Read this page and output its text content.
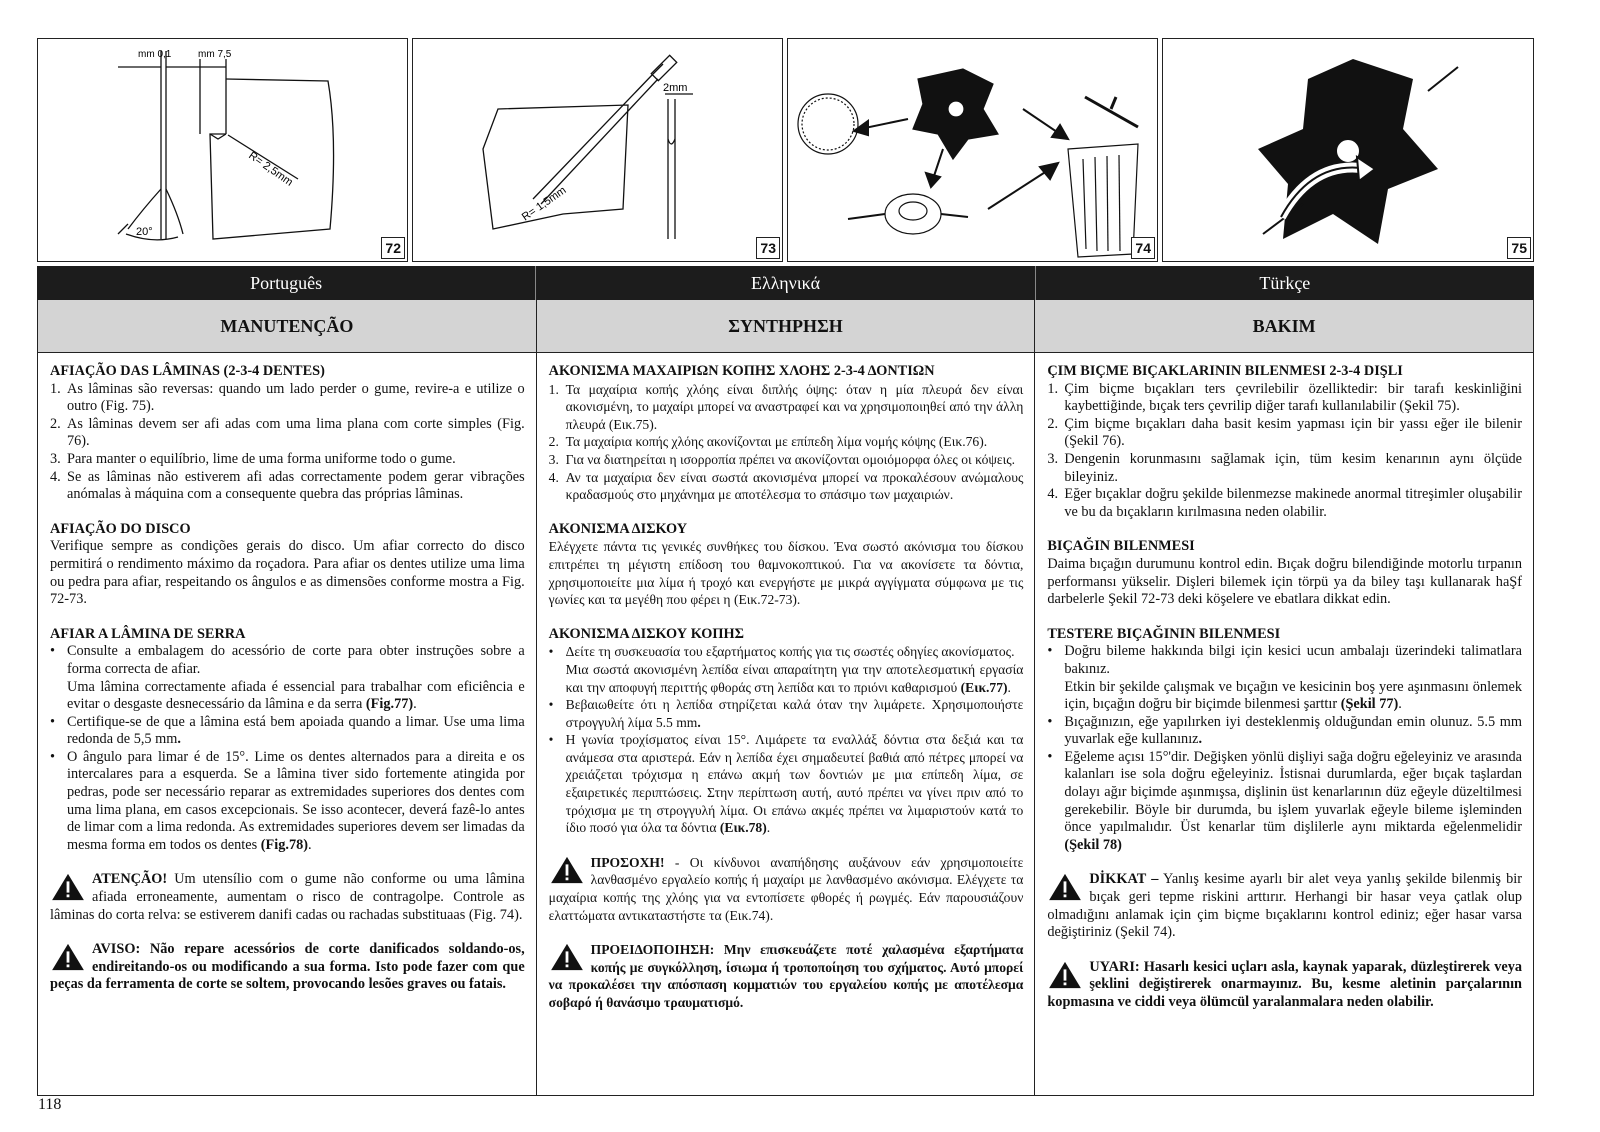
mm 0,1	mm 7,5
R= 2,5mm
20°
72
2mm
R= 1,5mm
73	74	75
Português	Ελληνικά	Türkçe
MANUTENÇÃO	ΣΥΝΤΗΡΗΣΗ	BAKIM
AFIAÇÃO DAS LÂMINAS (2-3-4 DENTES)
1. As lâminas são reversas: quando um lado perder o gume, revire-a e utilize o outro (Fig. 75).
2. As lâminas devem ser afi adas com uma lima plana com corte simples (Fig. 76).
3. Para manter o equilíbrio, lime de uma forma uniforme todo o gume.
4. Se as lâminas não estiverem afi adas correctamente podem gerar vibrações anómalas à máquina com a consequente quebra das próprias lâminas.
AFIAÇÃO DO DISCO

Verifique sempre as condições gerais do disco. Um afiar correcto do disco permitirá o rendimento máximo da roçadora. Para afiar os dentes utilize uma lima ou pedra para afiar, respeitando os ângulos e as dimensões conforme mostra a Fig. 72-73.

AFIAR A LÂMINA DE SERRA
• Consulte a embalagem do acessório de corte para obter instruções sobre a forma correcta de afiar.
Uma lâmina correctamente afiada é essencial para trabalhar com eficiência e evitar o desgaste desnecessário da lâmina e da serra (Fig.77).
• Certifique-se de que a lâmina está bem apoiada quando a limar. Use uma lima redonda de 5,5 mm.
• O ângulo para limar é de 15°. Lime os dentes alternados para a direita e os intercalares para a esquerda. Se a lâmina tiver sido fortemente atingida por pedras, pode ser necessário reparar as extremidades superiores dos dentes com uma lima plana, em casos excepcionais. Se isso acontecer, deverá fazê-lo antes de limar com a lima redonda. As extremidades superiores devem ser limadas da mesma forma em todos os dentes (Fig.78).
ATENÇÃO! Um utensílio com o gume não conforme ou uma lâmina afiada erroneamente, aumentam o risco de contragolpe. Controle as lâminas do corta relva: se estiverem danifi cadas ou rachadas substituaas (Fig. 74).
AVISO: Não repare acessórios de corte danificados soldando-os, endireitando-os ou modificando a sua forma. Isto pode fazer com que peças da ferramenta de corte se soltem, provocando lesões graves ou fatais.
ΑΚΟΝΙΣΜΑ ΜΑΧΑΙΡΙΩΝ ΚΟΠΗΣ ΧΛΟΗΣ 2-3-4 ΔΟΝΤΙΩΝ
1. Τα μαχαίρια κοπής χλόης είναι διπλής όψης: όταν η μία πλευρά δεν είναι ακονισμένη, το μαχαίρι μπορεί να αναστραφεί και να χρησιμοποιηθεί από την άλλη πλευρά (Εικ.75).
2. Τα μαχαίρια κοπής χλόης ακονίζονται με επίπεδη λίμα νομής κόψης (Εικ.76).
3. Για να διατηρείται η ισορροπία πρέπει να ακονίζονται ομοιόμορφα όλες οι κόψεις.
4. Αν τα μαχαίρια δεν είναι σωστά ακονισμένα μπορεί να προκαλέσουν ανώμαλους κραδασμούς στο μηχάνημα με αποτέλεσμα το σπάσιμο των μαχαιριών.
ΑΚΟΝΙΣΜΑ ΔΙΣΚΟΥ

Ελέγχετε πάντα τις γενικές συνθήκες του δίσκου. Ένα σωστό ακόνισμα του δίσκου επιτρέπει τη μέγιστη επίδοση του θαμνοκοπτικού. Για να ακονίσετε τα δόντια, χρησιμοποιείτε μια λίμα ή τροχό και ενεργήστε με μικρά αγγίγματα σύμφωνα με τις γωνίες και τα μεγέθη που φέρει η (Εικ.72-73).

ΑΚΟΝΙΣΜΑ ΔΙΣΚΟΥ ΚΟΠΗΣ
• Δείτε τη συσκευασία του εξαρτήματος κοπής για τις σωστές οδηγίες ακονίσματος.
Μια σωστά ακονισμένη λεπίδα είναι απαραίτητη για την αποτελεσματική εργασία και την αποφυγή περιττής φθοράς στη λεπίδα και το πριόνι καθαρισμού (Εικ.77).
• Βεβαιωθείτε ότι η λεπίδα στηρίζεται καλά όταν την λιμάρετε. Χρησιμοποιήστε στρογγυλή λίμα 5.5 mm.
• Η γωνία τροχίσματος είναι 15°. Λιμάρετε τα εναλλάξ δόντια στα δεξιά και τα ανάμεσα στα αριστερά. Εάν η λεπίδα έχει σημαδευτεί βαθιά από πέτρες μπορεί να χρειάζεται τρόχισμα η επάνω ακμή των δοντιών με μια επίπεδη λίμα, σε εξαιρετικές περιπτώσεις. Στην περίπτωση αυτή, αυτό πρέπει να γίνει πριν από το τρόχισμα με τη στρογγυλή λίμα. Οι επάνω ακμές πρέπει να λιμαριστούν κατά το ίδιο ποσό για όλα τα δόντια (Εικ.78).
ΠΡΟΣΟΧΗ! - Οι κίνδυνοι αναπήδησης αυξάνουν εάν χρησιμοποιείτε λανθασμένο εργαλείο κοπής ή μαχαίρι με λανθασμένο ακόνισμα. Ελέγχετε τα μαχαίρια κοπής της χλόης για να εντοπίσετε φθορές ή ρωγμές. Εάν παρουσιάζουν ελαττώματα αντικαταστήστε τα (Εικ.74).
ΠΡΟΕΙΔΟΠΟΙΗΣΗ: Μην επισκευάζετε ποτέ χαλασμένα εξαρτήματα κοπής με συγκόλληση, ίσιωμα ή τροποποίηση του σχήματος. Αυτό μπορεί να προκαλέσει την απόσπαση κομματιών του εργαλείου κοπής με αποτέλεσμα σοβαρό ή θανάσιμο τραυματισμό.
ÇIM BIÇME BIÇAKLARININ BILENMESI 2-3-4 DIŞLI
1. Çim biçme bıçakları ters çevrilebilir özelliktedir: bir tarafı keskinliğini kaybettiğinde, bıçak ters çevrilip diğer tarafı kullanılabilir (Şekil 75).
2. Çim biçme bıçakları daha basit kesim yapması için bir yassı eğer ile bilenir (Şekil 76).
3. Dengenin korunmasını sağlamak için, tüm kesim kenarının aynı ölçüde bileyiniz.
4. Eğer bıçaklar doğru şekilde bilenmezse makinede anormal titreşimler oluşabilir ve bu da bıçakların kırılmasına neden olabilir.
BIÇAĞIN BILENMESI

Daima bıçağın durumunu kontrol edin. Bıçak doğru bilendiğinde motorlu tırpanın performansı yükselir. Dişleri bilemek için törpü ya da biley taşı kullanarak haŞf darbelerle Şekil 72-73 deki köşelere ve ebatlara dikkat edin.

TESTERE BIÇAĞININ BILENMESI
• Doğru bileme hakkında bilgi için kesici ucun ambalajı üzerindeki talimatlara bakınız.
Etkin bir şekilde çalışmak ve bıçağın ve kesicinin boş yere aşınmasını önlemek için, bıçağın doğru bir biçimde bilenmesi şarttır (Şekil 77).
• Bıçağınızın, eğe yapılırken iyi desteklenmiş olduğundan emin olunuz. 5.5 mm yuvarlak eğe kullanınız.
• Eğeleme açısı 15°'dir. Değişken yönlü dişliyi sağa doğru eğeleyiniz ve arasında kalanları ise sola doğru eğeleyiniz. İstisnai durumlarda, eğer bıçak taşlardan dolayı ağır biçimde aşınmışsa, dişlinin üst kenarlarının düz eğeyle düzeltilmesi gerekebilir. Böyle bir durumda, bu işlem yuvarlak eğeyle bileme işleminden önce yapılmalıdır. Üst kenarlar tüm dişlilerle aynı miktarda eğelenmelidir (Şekil 78)
DİKKAT – Yanlış kesime ayarlı bir alet veya yanlış şekilde bilenmiş bir bıçak geri tepme riskini arttırır. Herhangi bir hasar veya çatlak olup olmadığını anlamak için çim biçme bıçaklarını kontrol ediniz; eğer hasar varsa değiştiriniz (Şekil 74).
UYARI: Hasarlı kesici uçları asla, kaynak yaparak, düzleştirerek veya şeklini değiştirerek onarmayınız. Bu, kesme aletinin parçalarının kopmasına ve ciddi veya ölümcül yaralanmalara neden olabilir.
118
